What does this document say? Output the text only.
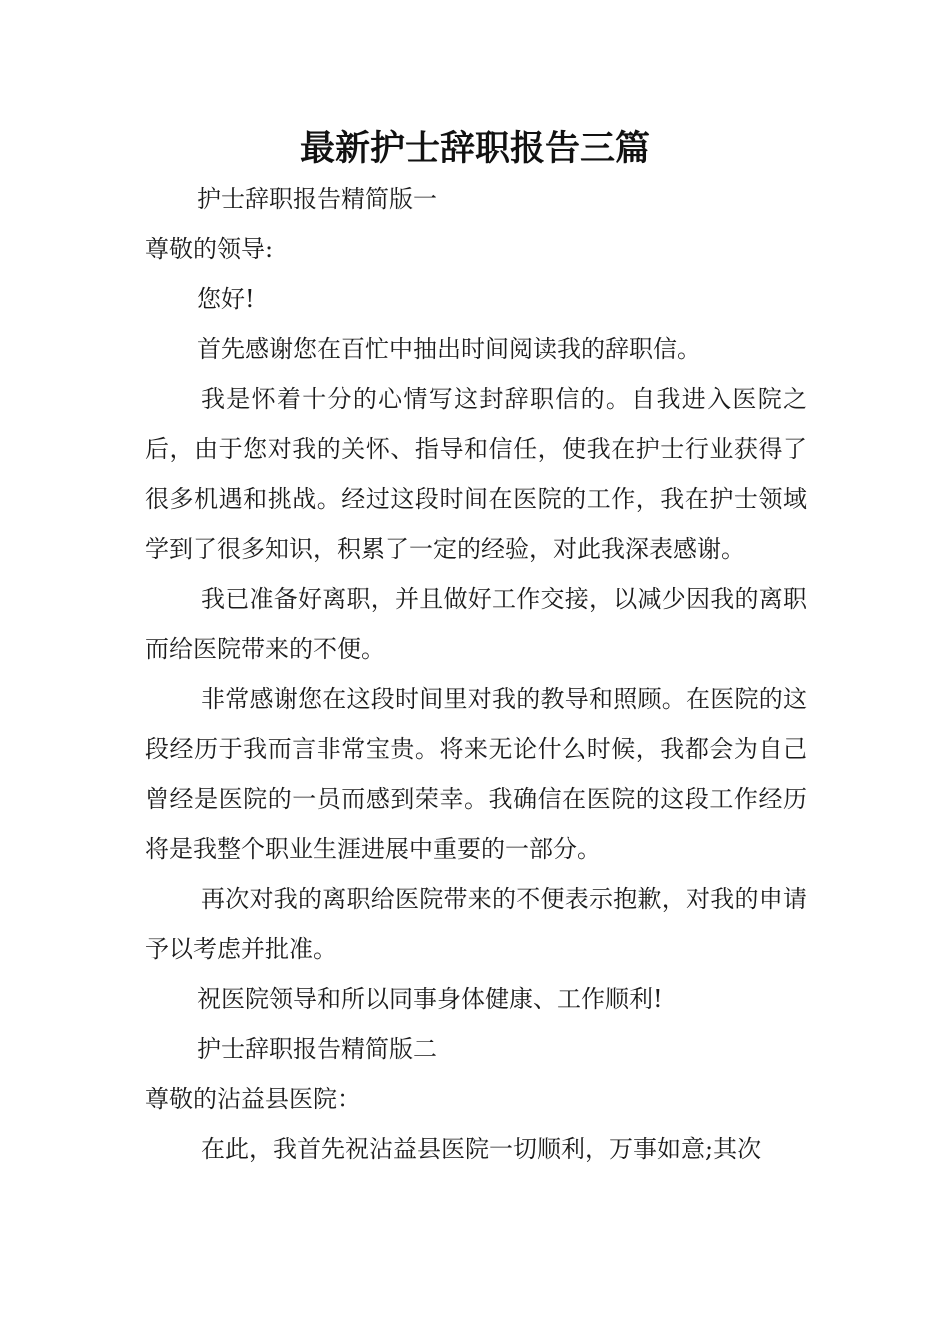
最新护士辞职报告三篇

护士辞职报告精简版一

尊敬的领导:

您好!

首先感谢您在百忙中抽出时间阅读我的辞职信。

我是怀着十分的心情写这封辞职信的。自我进入医院之后，由于您对我的关怀、指导和信任，使我在护士行业获得了很多机遇和挑战。经过这段时间在医院的工作，我在护士领域学到了很多知识，积累了一定的经验，对此我深表感谢。

我已准备好离职，并且做好工作交接，以减少因我的离职而给医院带来的不便。

非常感谢您在这段时间里对我的教导和照顾。在医院的这段经历于我而言非常宝贵。将来无论什么时候，我都会为自己曾经是医院的一员而感到荣幸。我确信在医院的这段工作经历将是我整个职业生涯进展中重要的一部分。

再次对我的离职给医院带来的不便表示抱歉，对我的申请予以考虑并批准。

祝医院领导和所以同事身体健康、工作顺利!

护士辞职报告精简版二

尊敬的沾益县医院：

在此，我首先祝沾益县医院一切顺利，万事如意;其次
